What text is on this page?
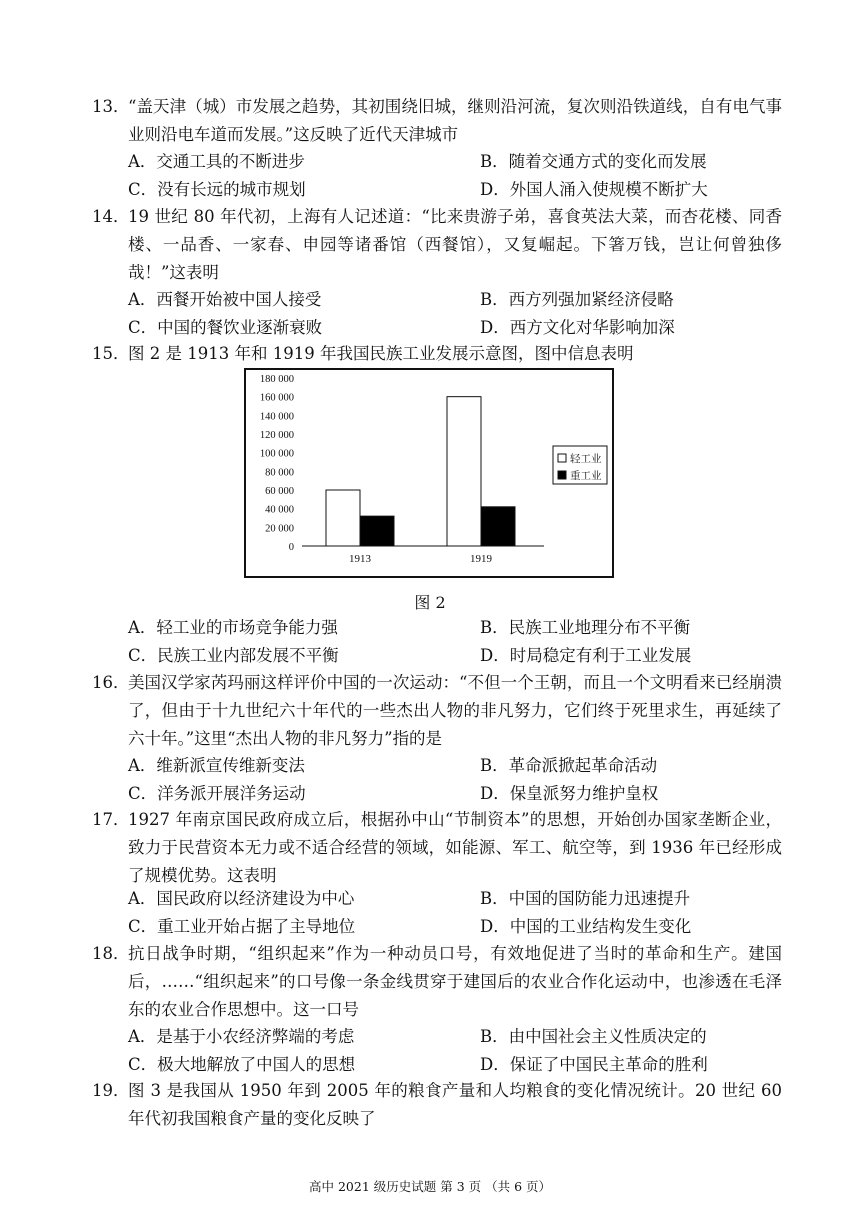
13．
“盖天津（城）市发展之趋势，其初围绕旧城，继则沿河流，复次则沿铁道线，自有电气事业则沿电车道而发展。”这反映了近代天津城市
A．交通工具的不断进步	B．随着交通方式的变化而发展
C．没有长远的城市规划	D．外国人涌入使规模不断扩大
14．
19 世纪 80 年代初，上海有人记述道：“比来贵游子弟，喜食英法大菜，而杏花楼、同香楼、一品香、一家春、申园等诸番馆（西餐馆），又复崛起。下箸万钱，岂让何曾独侈哉！”这表明
A．西餐开始被中国人接受	B．西方列强加紧经济侵略
C．中国的餐饮业逐渐衰败	D．西方文化对华影响加深
15．
图 2 是 1913 年和 1919 年我国民族工业发展示意图，图中信息表明
180 000
160 000
140 000
120 000
100 000
80 000
60 000
40 000
20 000
0
1913	1919
轻工业
重工业
图 2
A．轻工业的市场竞争能力强	B．民族工业地理分布不平衡
C．民族工业内部发展不平衡	D．时局稳定有利于工业发展
16．
美国汉学家芮玛丽这样评价中国的一次运动：“不但一个王朝，而且一个文明看来已经崩溃了，但由于十九世纪六十年代的一些杰出人物的非凡努力，它们终于死里求生，再延续了六十年。”这里“杰出人物的非凡努力”指的是
A．维新派宣传维新变法	B．革命派掀起革命活动
C．洋务派开展洋务运动	D．保皇派努力维护皇权
17．
1927 年南京国民政府成立后，根据孙中山“节制资本”的思想，开始创办国家垄断企业，致力于民营资本无力或不适合经营的领域，如能源、军工、航空等，到 1936 年已经形成了规模优势。这表明
A．国民政府以经济建设为中心	B．中国的国防能力迅速提升
C．重工业开始占据了主导地位	D．中国的工业结构发生变化
18．
抗日战争时期，“组织起来”作为一种动员口号，有效地促进了当时的革命和生产。建国后，……“组织起来”的口号像一条金线贯穿于建国后的农业合作化运动中，也渗透在毛泽东的农业合作思想中。这一口号
A．是基于小农经济弊端的考虑	B．由中国社会主义性质决定的
C．极大地解放了中国人的思想	D．保证了中国民主革命的胜利
19．
图 3 是我国从 1950 年到 2005 年的粮食产量和人均粮食的变化情况统计。20 世纪 60 年代初我国粮食产量的变化反映了
高中 2021 级历史试题 第 3 页 （共 6 页）
